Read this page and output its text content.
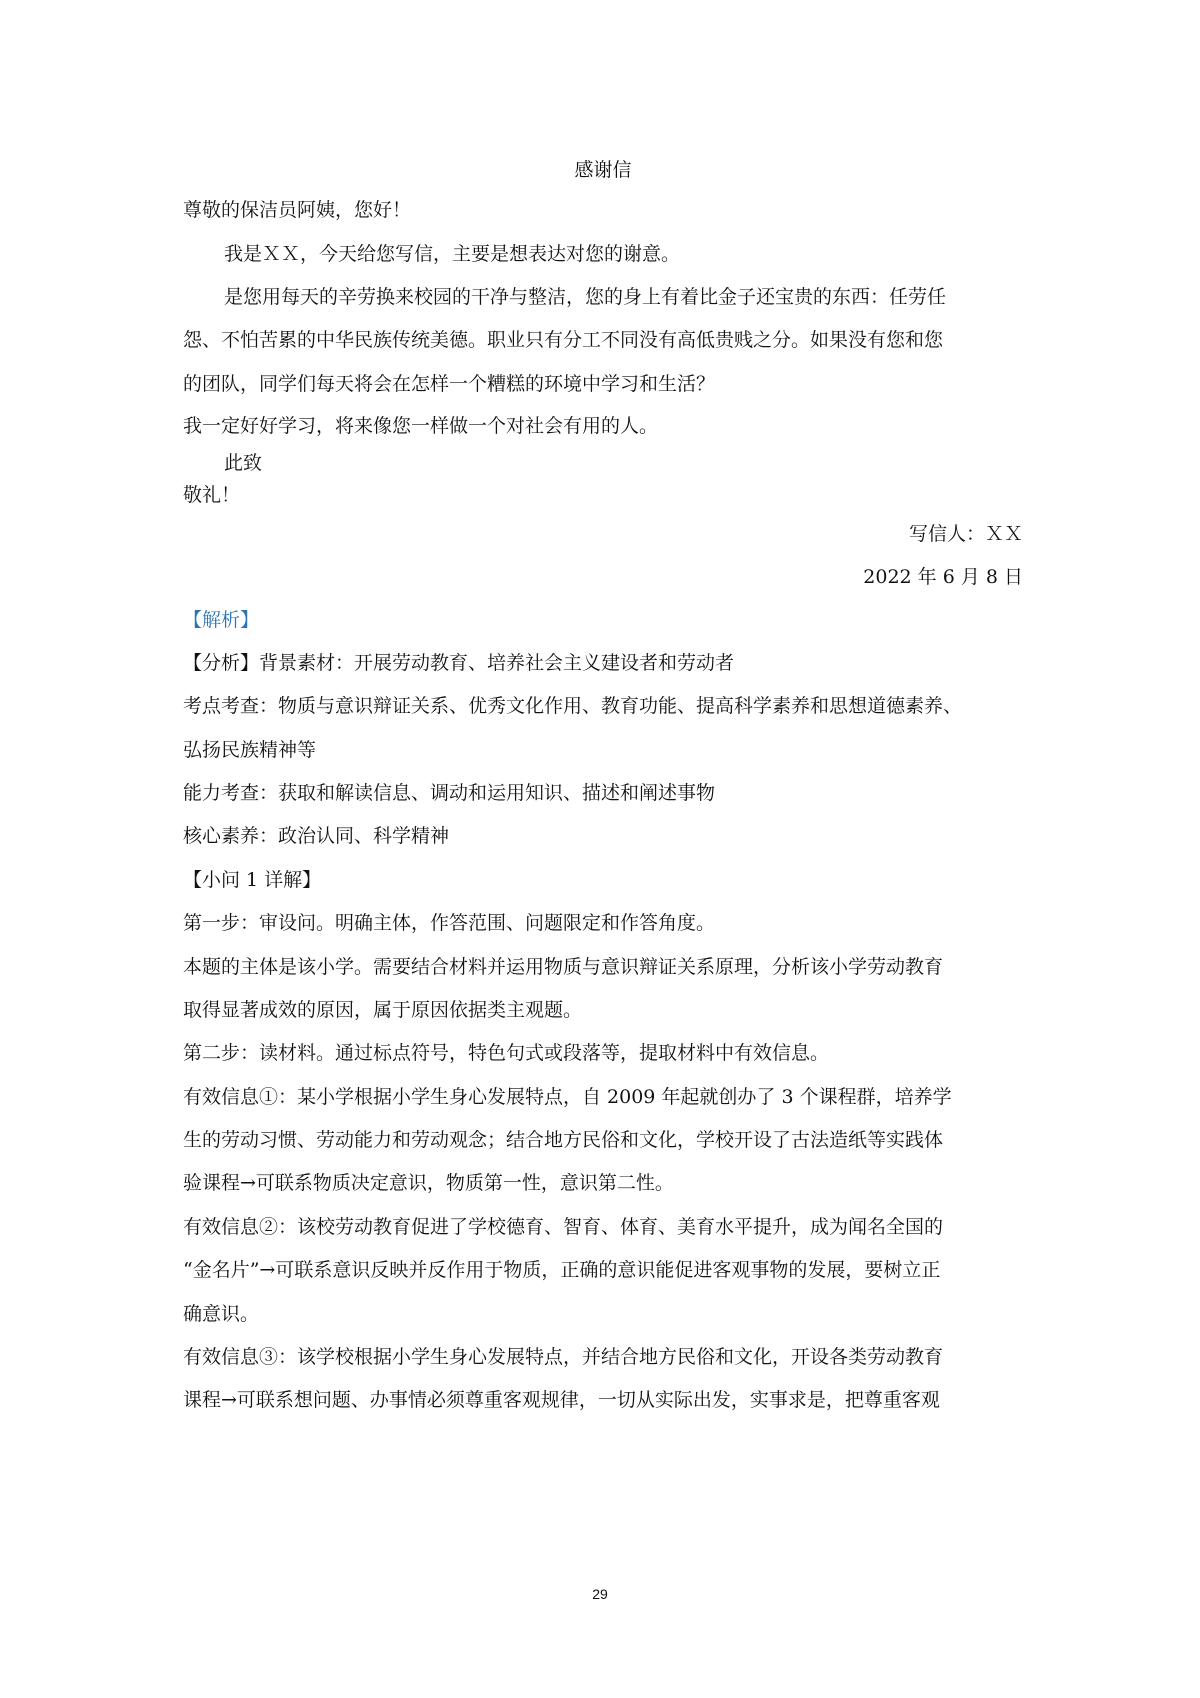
感谢信
尊敬的保洁员阿姨，您好！
我是ＸＸ，今天给您写信，主要是想表达对您的谢意。
是您用每天的辛劳换来校园的干净与整洁，您的身上有着比金子还宝贵的东西：任劳任
怨、不怕苦累的中华民族传统美德。职业只有分工不同没有高低贵贱之分。如果没有您和您
的团队，同学们每天将会在怎样一个糟糕的环境中学习和生活？
我一定好好学习，将来像您一样做一个对社会有用的人。
此致
敬礼！
写信人：ＸＸ
2022 年 6 月 8 日
【解析】
【分析】背景素材：开展劳动教育、培养社会主义建设者和劳动者
考点考查：物质与意识辩证关系、优秀文化作用、教育功能、提高科学素养和思想道德素养、
弘扬民族精神等
能力考查：获取和解读信息、调动和运用知识、描述和阐述事物
核心素养：政治认同、科学精神
【小问 1 详解】
第一步：审设问。明确主体，作答范围、问题限定和作答角度。
本题的主体是该小学。需要结合材料并运用物质与意识辩证关系原理，分析该小学劳动教育
取得显著成效的原因，属于原因依据类主观题。
第二步：读材料。通过标点符号，特色句式或段落等，提取材料中有效信息。
有效信息①：某小学根据小学生身心发展特点，自 2009 年起就创办了 3 个课程群，培养学
生的劳动习惯、劳动能力和劳动观念；结合地方民俗和文化，学校开设了古法造纸等实践体
验课程→可联系物质决定意识，物质第一性，意识第二性。
有效信息②：该校劳动教育促进了学校德育、智育、体育、美育水平提升，成为闻名全国的
“金名片”→可联系意识反映并反作用于物质，正确的意识能促进客观事物的发展，要树立正
确意识。
有效信息③：该学校根据小学生身心发展特点，并结合地方民俗和文化，开设各类劳动教育
课程→可联系想问题、办事情必须尊重客观规律，一切从实际出发，实事求是，把尊重客观
29
